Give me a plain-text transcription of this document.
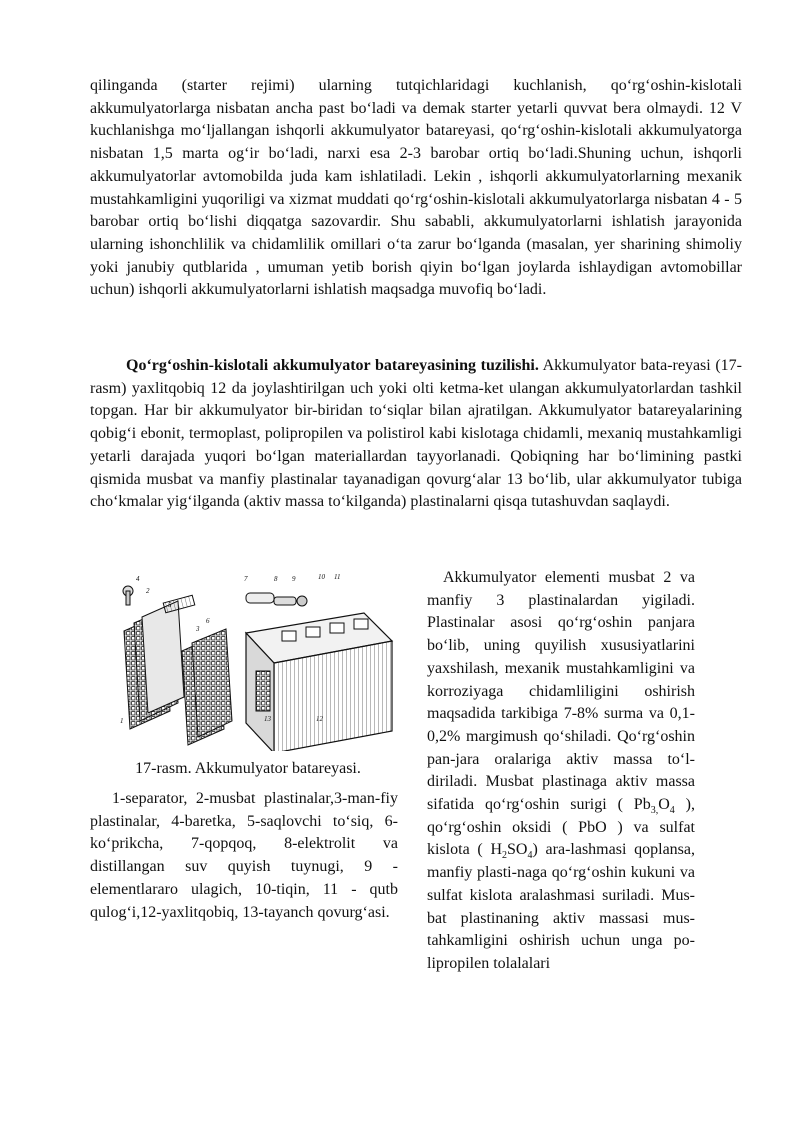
qilinganda (starter rejimi) ularning tutqichlaridagi kuchlanish, qo‘rg‘oshin-kislotali akkumulyatorlarga nisbatan ancha past bo‘ladi va demak starter yetarli quvvat bera olmaydi. 12 V kuchlanishga mo‘ljallangan ishqorli akkumulyator batareyasi, qo‘rg‘oshin-kislotali akkumulyatorga nisbatan 1,5 marta og‘ir bo‘ladi, narxi esa 2-3 barobar ortiq bo‘ladi.Shuning uchun, ishqorli akkumulyatorlar avtomobilda juda kam ishlatiladi. Lekin , ishqorli akkumulyatorlarning mexanik mustahkamligini yuqoriligi va xizmat muddati qo‘rg‘oshin-kislotali akkumulyatorlarga nisbatan 4 - 5 barobar ortiq bo‘lishi diqqatga sazovardir. Shu sababli, akkumulyatorlarni ishlatish jarayonida ularning ishonchlilik va chidamlilik omillari o‘ta zarur bo‘lganda (masalan, yer sharining shimoliy yoki janubiy qutblarida , umuman yetib borish qiyin bo‘lgan joylarda ishlaydigan avtomobillar uchun) ishqorli akkumulyatorlarni ishlatish maqsadga muvofiq bo‘ladi.

Qo‘rg‘oshin-kislotali akkumulyator batareyasining tuzilishi. Akkumulyator bata-reyasi (17- rasm) yaxlitqobiq 12 da joylashtirilgan uch yoki olti ketma-ket ulangan akkumulyatorlardan tashkil topgan. Har bir akkumulyator bir-biridan to‘siqlar bilan ajratilgan. Akkumulyator batareyalarining qobig‘i ebonit, termoplast, polipropilen va polistirol kabi kislotaga chidamli, mexaniq mustahkamligi yetarli darajada yuqori bo‘lgan materiallardan tayyorlanadi. Qobiqning har bo‘limining pastki qismida musbat va manfiy plastinalar tayanadigan qovurg‘alar 13 bo‘lib, ular akkumulyator tubiga cho‘kmalar yig‘ilganda (aktiv massa to‘kilganda) plastinalarni qisqa tutashuvdan saqlaydi.

1
2
3
4
5
6
7	8 9	10 11
12
13

17-rasm. Akkumulyator batareyasi.

1-separator, 2-musbat plastinalar,3-man-fiy plastinalar, 4-baretka, 5-saqlovchi to‘siq, 6-ko‘prikcha, 7-qopqoq, 8-elektrolit va distillangan suv quyish tuynugi, 9 - elementlararo ulagich, 10-tiqin, 11 - qutb qulog‘i,12-yaxlitqobiq, 13-tayanch qovurg‘asi.

Akkumulyator elementi musbat 2 va manfiy 3 plastinalardan yigiladi. Plastinalar asosi qo‘rg‘oshin panjara bo‘lib, uning quyilish xususiyatlarini yaxshilash, mexanik mustahkamligini va korroziyaga chidamliligini oshirish maqsadida tarkibiga 7-8% surma va 0,1-0,2% margimush qo‘shiladi. Qo‘rg‘oshin pan-jara oralariga aktiv massa to‘l-diriladi. Musbat plastinaga aktiv massa sifatida qo‘rg‘oshin surigi ( $Pb_{3,}O_4$ ), qo‘rg‘oshin oksidi ( PbO ) va sulfat kislota ( $H_2SO_4$) ara-lashmasi qoplansa, manfiy plasti-naga qo‘rg‘oshin kukuni va sulfat kislota aralashmasi suriladi. Mus-bat plastinaning aktiv massasi mus-tahkamligini oshirish uchun unga po-lipropilen tolalalari
